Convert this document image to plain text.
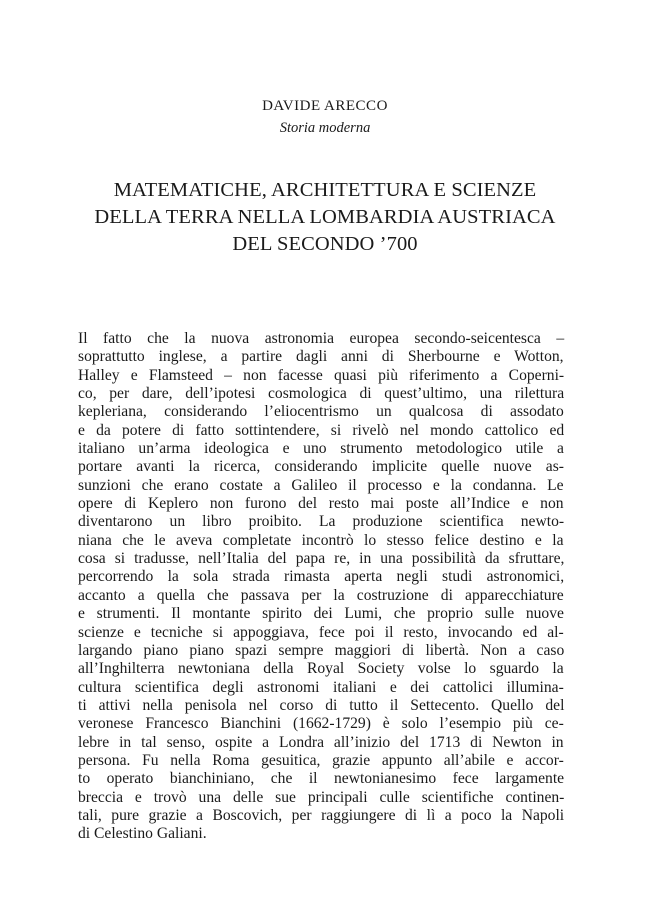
DAVIDE ARECCO
Storia moderna
MATEMATICHE, ARCHITETTURA E SCIENZE
DELLA TERRA NELLA LOMBARDIA AUSTRIACA
DEL SECONDO ’700
Il fatto che la nuova astronomia europea secondo-seicentesca –
soprattutto inglese, a partire dagli anni di Sherbourne e Wotton,
Halley e Flamsteed – non facesse quasi più riferimento a Coperni-
co, per dare, dell’ipotesi cosmologica di quest’ultimo, una rilettura
kepleriana, considerando l’eliocentrismo un qualcosa di assodato
e da potere di fatto sottintendere, si rivelò nel mondo cattolico ed
italiano un’arma ideologica e uno strumento metodologico utile a
portare avanti la ricerca, considerando implicite quelle nuove as-
sunzioni che erano costate a Galileo il processo e la condanna. Le
opere di Keplero non furono del resto mai poste all’Indice e non
diventarono un libro proibito. La produzione scientifica newto-
niana che le aveva completate incontrò lo stesso felice destino e la
cosa si tradusse, nell’Italia del papa re, in una possibilità da sfruttare,
percorrendo la sola strada rimasta aperta negli studi astronomici,
accanto a quella che passava per la costruzione di apparecchiature
e strumenti. Il montante spirito dei Lumi, che proprio sulle nuove
scienze e tecniche si appoggiava, fece poi il resto, invocando ed al-
largando piano piano spazi sempre maggiori di libertà. Non a caso
all’Inghilterra newtoniana della Royal Society volse lo sguardo la
cultura scientifica degli astronomi italiani e dei cattolici illumina-
ti attivi nella penisola nel corso di tutto il Settecento. Quello del
veronese Francesco Bianchini (1662-1729) è solo l’esempio più ce-
lebre in tal senso, ospite a Londra all’inizio del 1713 di Newton in
persona. Fu nella Roma gesuitica, grazie appunto all’abile e accor-
to operato bianchiniano, che il newtonianesimo fece largamente
breccia e trovò una delle sue principali culle scientifiche continen-
tali, pure grazie a Boscovich, per raggiungere di lì a poco la Napoli
di Celestino Galiani.
